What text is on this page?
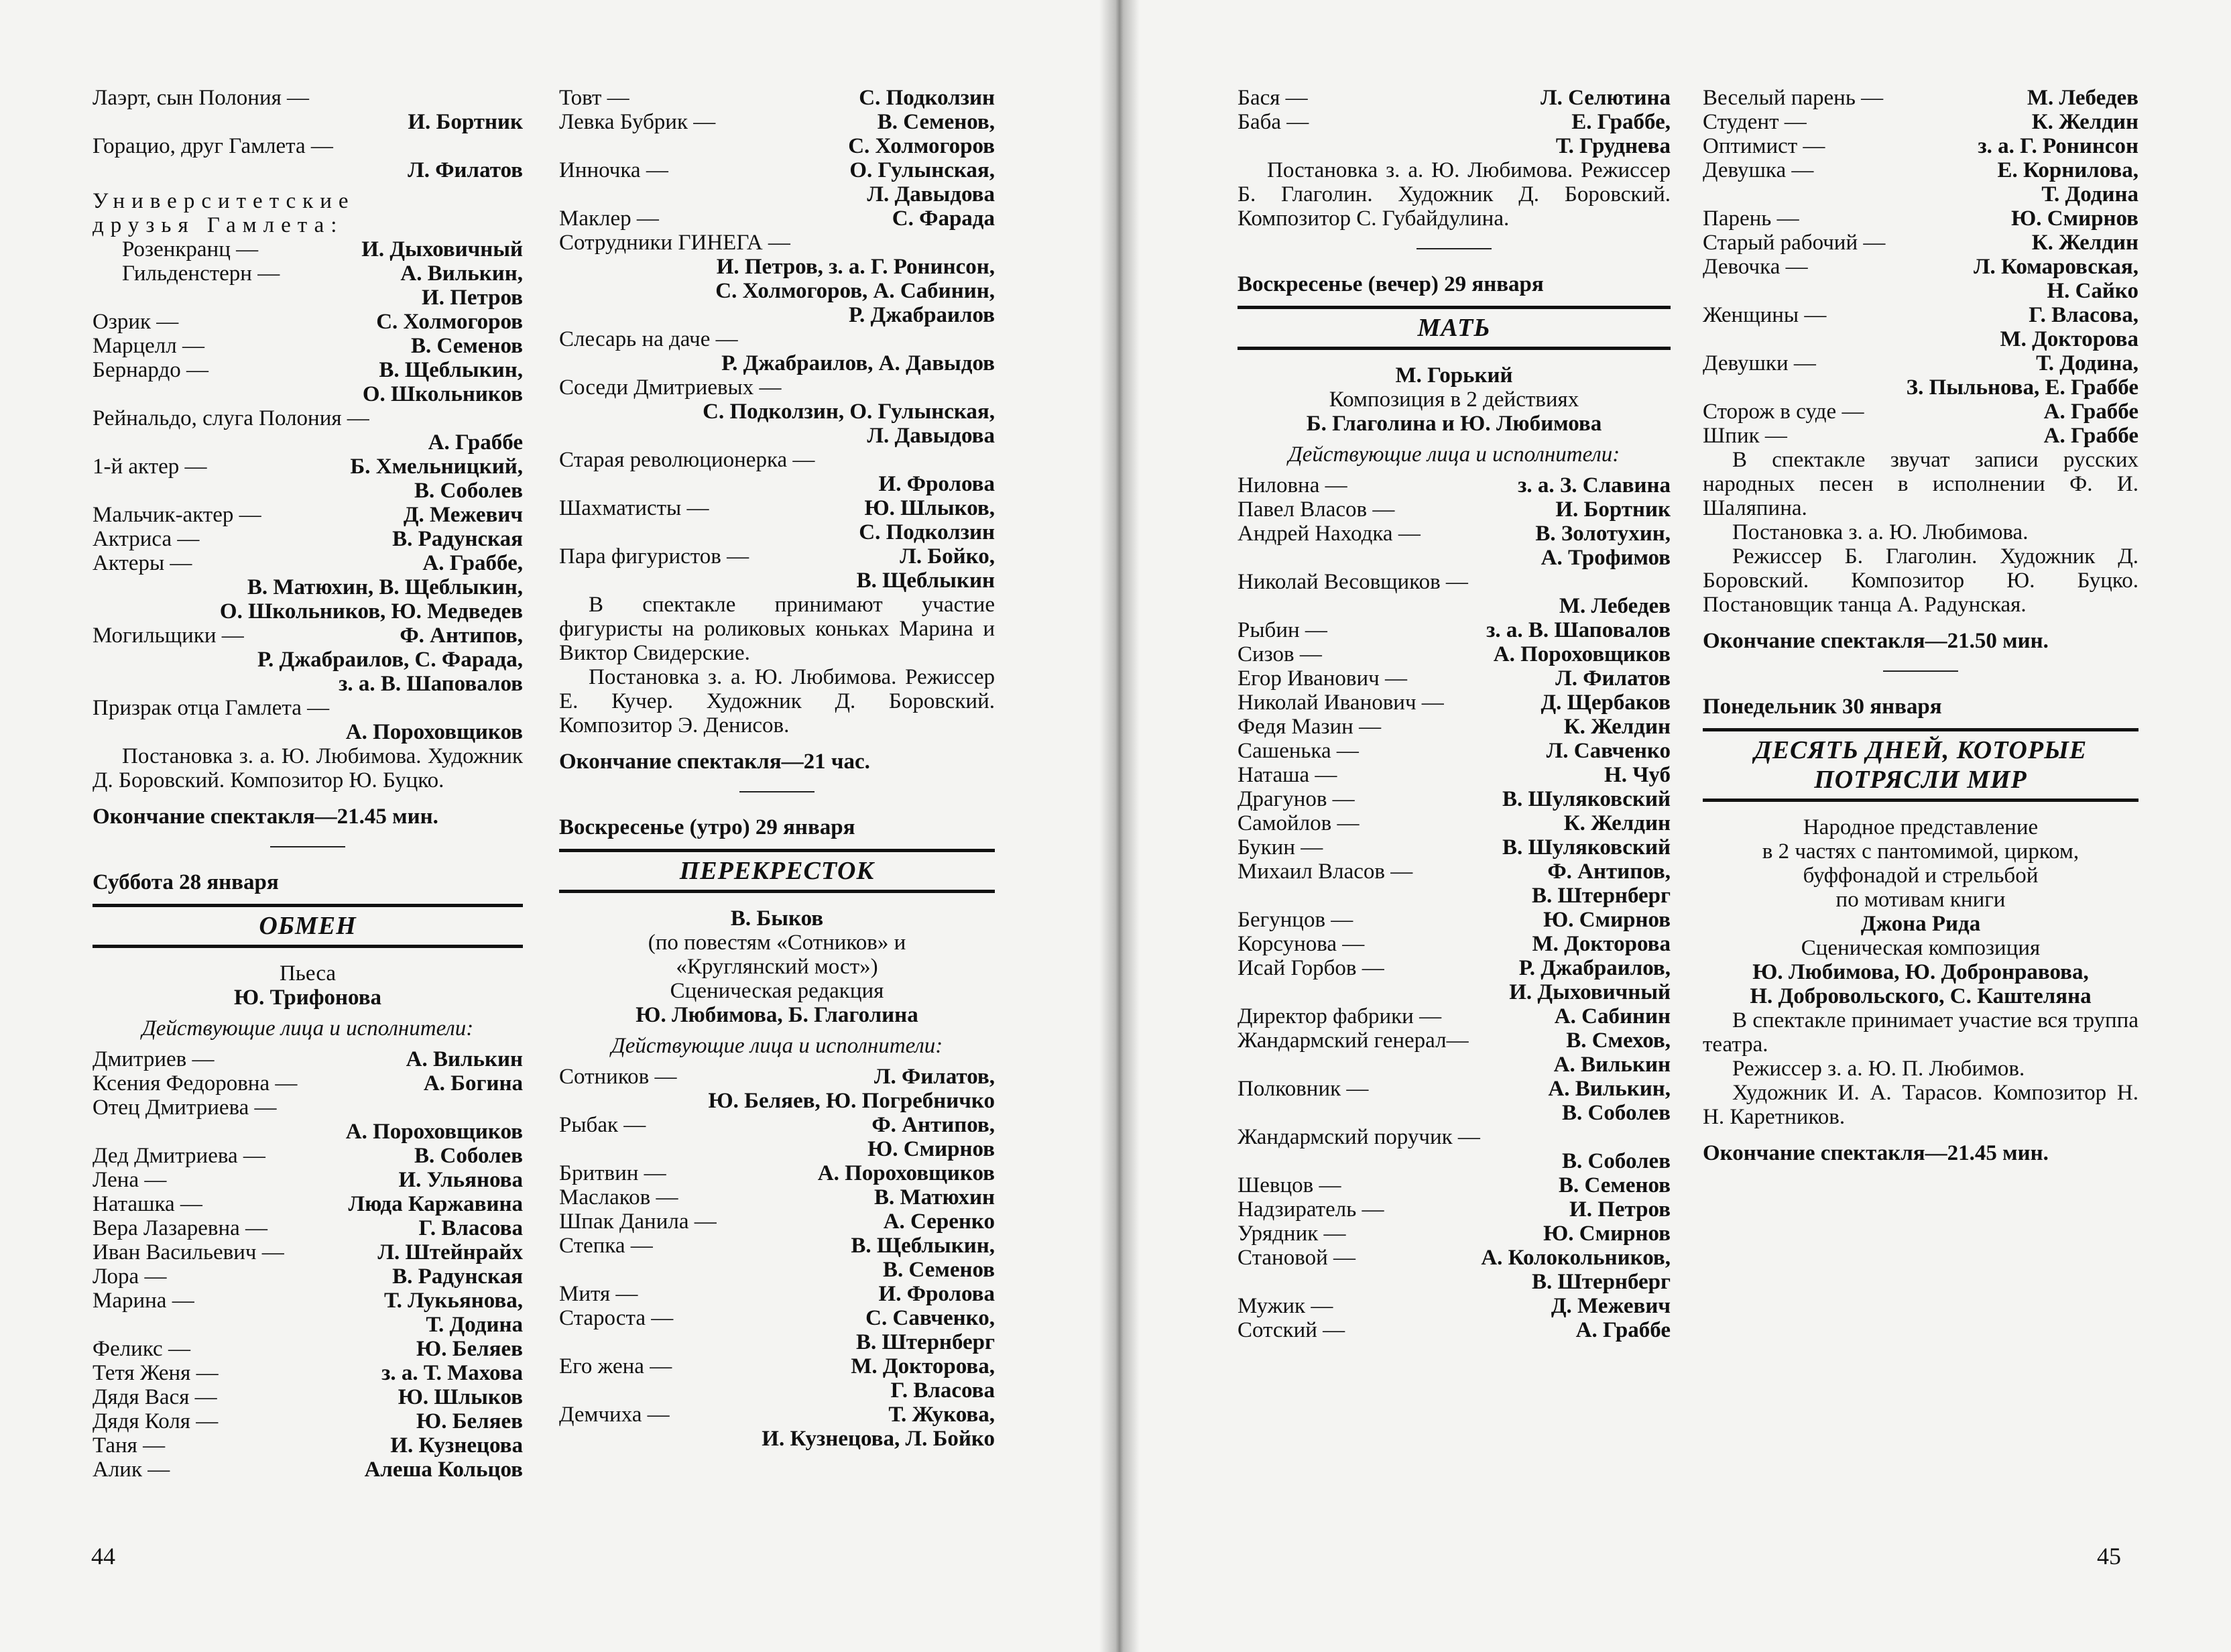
Лаэрт, сын Полония —
И. Бортник
Горацио, друг Гамлета —
Л. Филатов
Университетские
друзья Гамлета:
Розенкранц —	И. Дыховичный
Гильденстерн —	А. Вилькин,
И. Петров
Озрик —	С. Холмогоров
Марцелл —	В. Семенов
Бернардо —	В. Щеблыкин,
О. Школьников
Рейнальдо, слуга Полония —
А. Граббе
1-й актер —	Б. Хмельницкий,
В. Соболев
Мальчик-актер —	Д. Межевич
Актриса —	В. Радунская
Актеры —	А. Граббе,
В. Матюхин, В. Щеблыкин,
О. Школьников, Ю. Медведев
Могильщики —	Ф. Антипов,
Р. Джабраилов, С. Фарада,
з. а. В. Шаповалов
Призрак отца Гамлета —
А. Пороховщиков
Постановка з. а. Ю. Любимова. Художник Д. Боровский. Композитор Ю. Буцко.
Окончание спектакля—21.45 мин.
Суббота 28 января
ОБМЕН
Пьеса
Ю. Трифонова
Действующие лица и исполнители:
Дмитриев —	А. Вилькин
Ксения Федоровна —	А. Богина
Отец Дмитриева —
А. Пороховщиков
Дед Дмитриева —	В. Соболев
Лена —	И. Ульянова
Наташка —	Люда Каржавина
Вера Лазаревна —	Г. Власова
Иван Васильевич —	Л. Штейнрайх
Лора —	В. Радунская
Марина —	Т. Лукьянова,
Т. Додина
Феликс —	Ю. Беляев
Тетя Женя —	з. а. Т. Махова
Дядя Вася —	Ю. Шлыков
Дядя Коля —	Ю. Беляев
Таня —	И. Кузнецова
Алик —	Алеша Кольцов
Товт —	С. Подколзин
Левка Бубрик —	В. Семенов,
С. Холмогоров
Инночка —	О. Гулынская,
Л. Давыдова
Маклер —	С. Фарада
Сотрудники ГИНЕГА —
И. Петров, з. а. Г. Ронинсон,
С. Холмогоров, А. Сабинин,
Р. Джабраилов
Слесарь на даче —
Р. Джабраилов, А. Давыдов
Соседи Дмитриевых —
С. Подколзин, О. Гулынская,
Л. Давыдова
Старая революционерка —
И. Фролова
Шахматисты —	Ю. Шлыков,
С. Подколзин
Пара фигуристов —	Л. Бойко,
В. Щеблыкин
В спектакле принимают участие фигуристы на роликовых коньках Марина и Виктор Свидерские.
Постановка з. а. Ю. Любимова. Режиссер Е. Кучер. Художник Д. Боровский. Композитор Э. Денисов.
Окончание спектакля—21 час.
Воскресенье (утро) 29 января
ПЕРЕКРЕСТОК
В. Быков
(по повестям «Сотников» и
«Круглянский мост»)
Сценическая редакция
Ю. Любимова, Б. Глаголина
Действующие лица и исполнители:
Сотников —	Л. Филатов,
Ю. Беляев, Ю. Погребничко
Рыбак —	Ф. Антипов,
Ю. Смирнов
Бритвин —	А. Пороховщиков
Маслаков —	В. Матюхин
Шпак Данила —	А. Серенко
Степка —	В. Щеблыкин,
В. Семенов
Митя —	И. Фролова
Староста —	С. Савченко,
В. Штернберг
Его жена —	М. Докторова,
Г. Власова
Демчиха —	Т. Жукова,
И. Кузнецова, Л. Бойко
Бася —	Л. Селютина
Баба —	Е. Граббе,
Т. Груднева
Постановка з. а. Ю. Любимова. Режиссер Б. Глаголин. Художник Д. Боровский. Композитор С. Губайдулина.
Воскресенье (вечер) 29 января
МАТЬ
М. Горький
Композиция в 2 действиях
Б. Глаголина и Ю. Любимова
Действующие лица и исполнители:
Ниловна —	з. а. З. Славина
Павел Власов —	И. Бортник
Андрей Находка —	В. Золотухин,
А. Трофимов
Николай Весовщиков —
М. Лебедев
Рыбин —	з. а. В. Шаповалов
Сизов —	А. Пороховщиков
Егор Иванович —	Л. Филатов
Николай Иванович —	Д. Щербаков
Федя Мазин —	К. Желдин
Сашенька —	Л. Савченко
Наташа —	Н. Чуб
Драгунов —	В. Шуляковский
Самойлов —	К. Желдин
Букин —	В. Шуляковский
Михаил Власов —	Ф. Антипов,
В. Штернберг
Бегунцов —	Ю. Смирнов
Корсунова —	М. Докторова
Исай Горбов —	Р. Джабраилов,
И. Дыховичный
Директор фабрики —	А. Сабинин
Жандармский генерал—	В. Смехов,
А. Вилькин
Полковник —	А. Вилькин,
В. Соболев
Жандармский поручик —
В. Соболев
Шевцов —	В. Семенов
Надзиратель —	И. Петров
Урядник —	Ю. Смирнов
Становой —	А. Колокольников,
В. Штернберг
Мужик —	Д. Межевич
Сотский —	А. Граббе
Веселый парень —	М. Лебедев
Студент —	К. Желдин
Оптимист —	з. а. Г. Ронинсон
Девушка —	Е. Корнилова,
Т. Додина
Парень —	Ю. Смирнов
Старый рабочий —	К. Желдин
Девочка —	Л. Комаровская,
Н. Сайко
Женщины —	Г. Власова,
М. Докторова
Девушки —	Т. Додина,
З. Пыльнова, Е. Граббе
Сторож в суде —	А. Граббе
Шпик —	А. Граббе
В спектакле звучат записи русских народных песен в исполнении Ф. И. Шаляпина.
Постановка з. а. Ю. Любимова.
Режиссер Б. Глаголин. Художник Д. Боровский. Композитор Ю. Буцко. Постановщик танца А. Радунская.
Окончание спектакля—21.50 мин.
Понедельник 30 января
ДЕСЯТЬ ДНЕЙ, КОТОРЫЕ ПОТРЯСЛИ МИР
Народное представление
в 2 частях с пантомимой, цирком,
буффонадой и стрельбой
по мотивам книги
Джона Рида
Сценическая композиция
Ю. Любимова, Ю. Добронравова,
Н. Добровольского, С. Каштеляна
В спектакле принимает участие вся труппа театра.
Режиссер з. а. Ю. П. Любимов.
Художник И. А. Тарасов. Композитор Н. Н. Каретников.
Окончание спектакля—21.45 мин.
44	45
